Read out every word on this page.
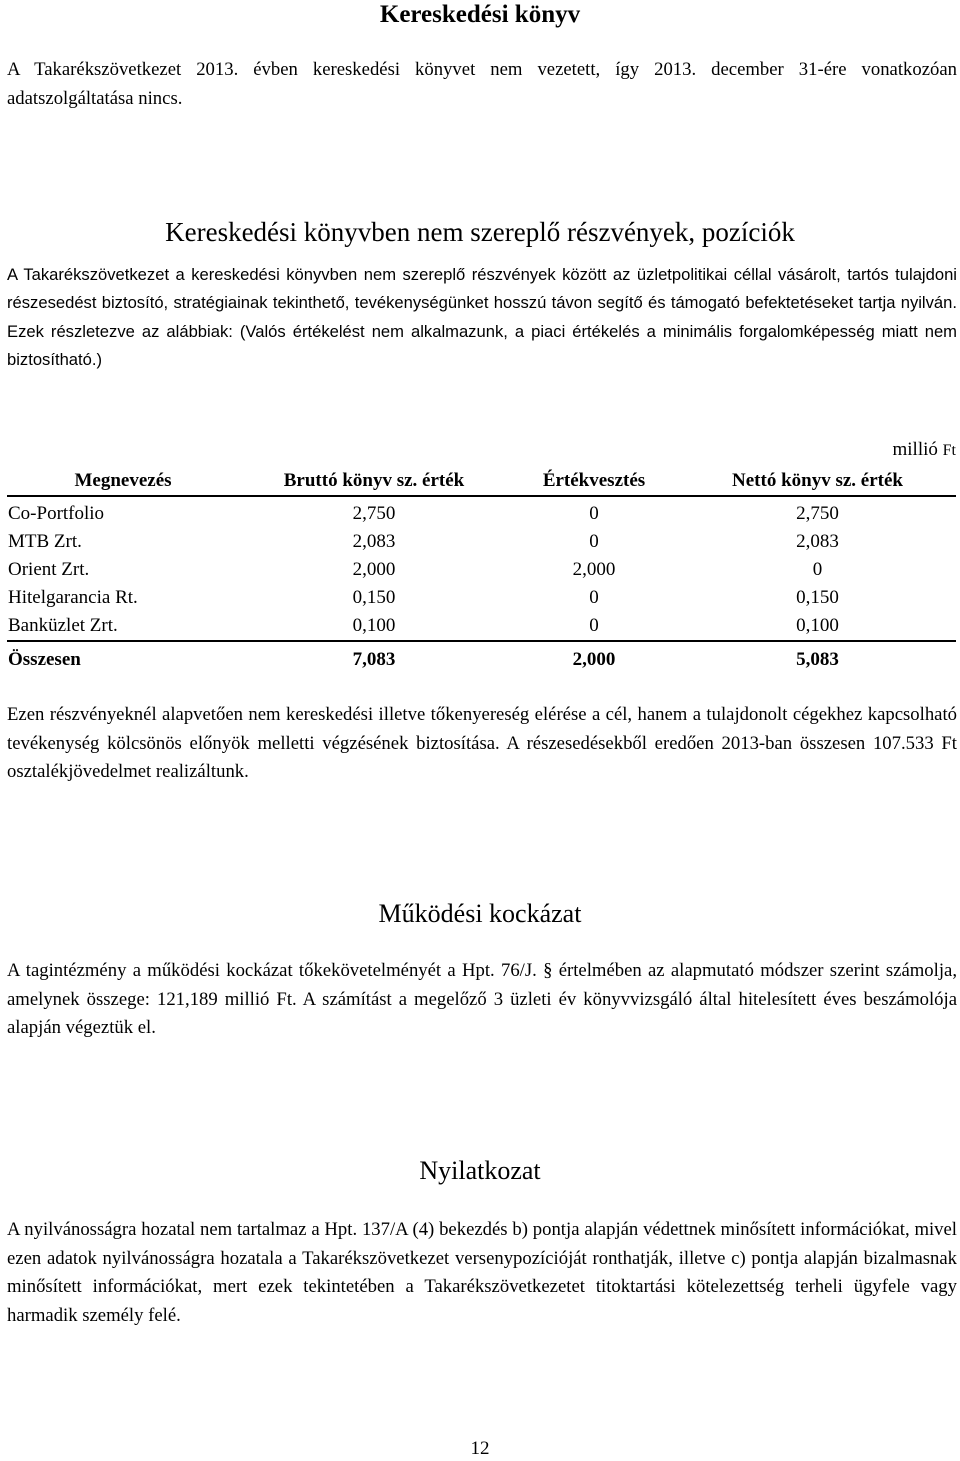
Kereskedési könyv
A Takarékszövetkezet 2013. évben kereskedési könyvet nem vezetett, így 2013. december 31-ére vonatkozóan adatszolgáltatása nincs.
Kereskedési könyvben nem szereplő részvények, pozíciók
A Takarékszövetkezet a kereskedési könyvben nem szereplő részvények között az üzletpolitikai céllal vásárolt, tartós tulajdoni részesedést biztosító, stratégiainak tekinthető, tevékenységünket hosszú távon segítő és támogató befektetéseket tartja nyilván. Ezek részletezve az alábbiak: (Valós értékelést nem alkalmazunk, a piaci értékelés a minimális forgalomképesség miatt nem biztosítható.)
millió Ft
Megnevezés	Bruttó könyv sz. érték	Értékvesztés	Nettó könyv sz. érték
Co-Portfolio	2,750	0	2,750
MTB Zrt.	2,083	0	2,083
Orient Zrt.	2,000	2,000	0
Hitelgarancia Rt.	0,150	0	0,150
Banküzlet Zrt.	0,100	0	0,100
Összesen	7,083	2,000	5,083
Ezen részvényeknél alapvetően nem kereskedési illetve tőkenyereség elérése a cél, hanem a tulajdonolt cégekhez kapcsolható tevékenység kölcsönös előnyök melletti végzésének biztosítása. A részesedésekből eredően 2013-ban összesen 107.533 Ft osztalékjövedelmet realizáltunk.
Működési kockázat
A tagintézmény a működési kockázat tőkekövetelményét a Hpt. 76/J. § értelmében az alapmutató módszer szerint számolja, amelynek összege: 121,189 millió Ft. A számítást a megelőző 3 üzleti év könyvvizsgáló által hitelesített éves beszámolója alapján végeztük el.
Nyilatkozat
A nyilvánosságra hozatal nem tartalmaz a Hpt. 137/A (4) bekezdés b) pontja alapján védettnek minősített információkat, mivel ezen adatok nyilvánosságra hozatala a Takarékszövetkezet versenypozícióját ronthatják, illetve c) pontja alapján bizalmasnak minősített információkat, mert ezek tekintetében a Takarékszövetkezetet titoktartási kötelezettség terheli ügyfele vagy harmadik személy felé.
12
